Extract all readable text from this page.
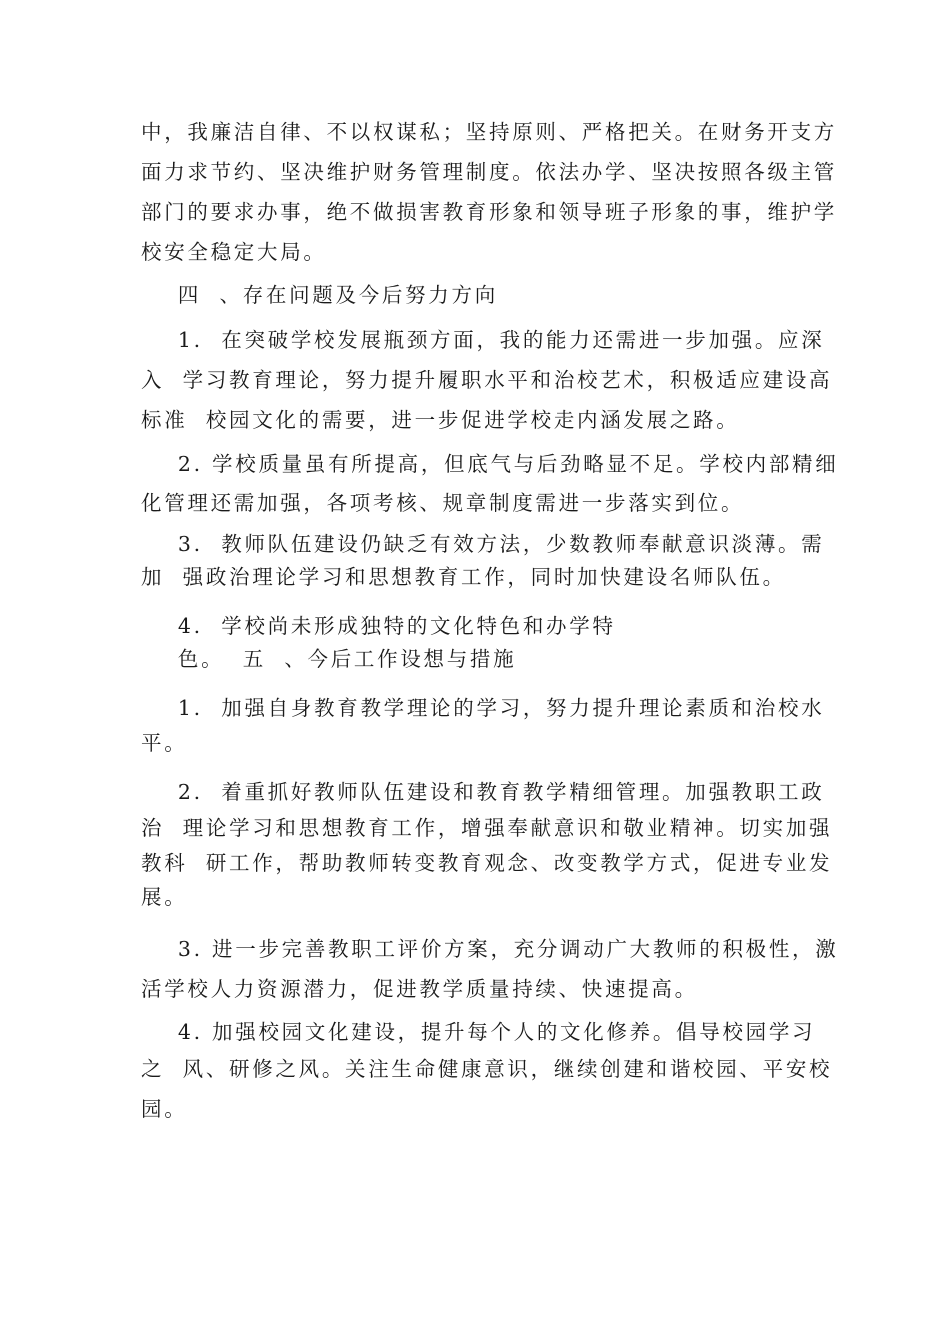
中，我廉洁自律、不以权谋私；坚持原则、严格把关。在财务开支方
面力求节约、坚决维护财务管理制度。依法办学、坚决按照各级主管
部门的要求办事，绝不做损害教育形象和领导班子形象的事，维护学
校安全稳定大局。
四  、存在问题及今后努力方向
1.  在突破学校发展瓶颈方面，我的能力还需进一步加强。应深
入  学习教育理论，努力提升履职水平和治校艺术，积极适应建设高
标准  校园文化的需要，进一步促进学校走内涵发展之路。
2. 学校质量虽有所提高，但底气与后劲略显不足。学校内部精细
化管理还需加强，各项考核、规章制度需进一步落实到位。
3.  教师队伍建设仍缺乏有效方法，少数教师奉献意识淡薄。需
加  强政治理论学习和思想教育工作，同时加快建设名师队伍。
4.  学校尚未形成独特的文化特色和办学特
色。  五  、今后工作设想与措施
1.  加强自身教育教学理论的学习，努力提升理论素质和治校水
平。
2.  着重抓好教师队伍建设和教育教学精细管理。加强教职工政
治  理论学习和思想教育工作，增强奉献意识和敬业精神。切实加强
教科  研工作，帮助教师转变教育观念、改变教学方式，促进专业发
展。
3. 进一步完善教职工评价方案，充分调动广大教师的积极性，激
活学校人力资源潜力，促进教学质量持续、快速提高。
4. 加强校园文化建设，提升每个人的文化修养。倡导校园学习
之  风、研修之风。关注生命健康意识，继续创建和谐校园、平安校
园。
